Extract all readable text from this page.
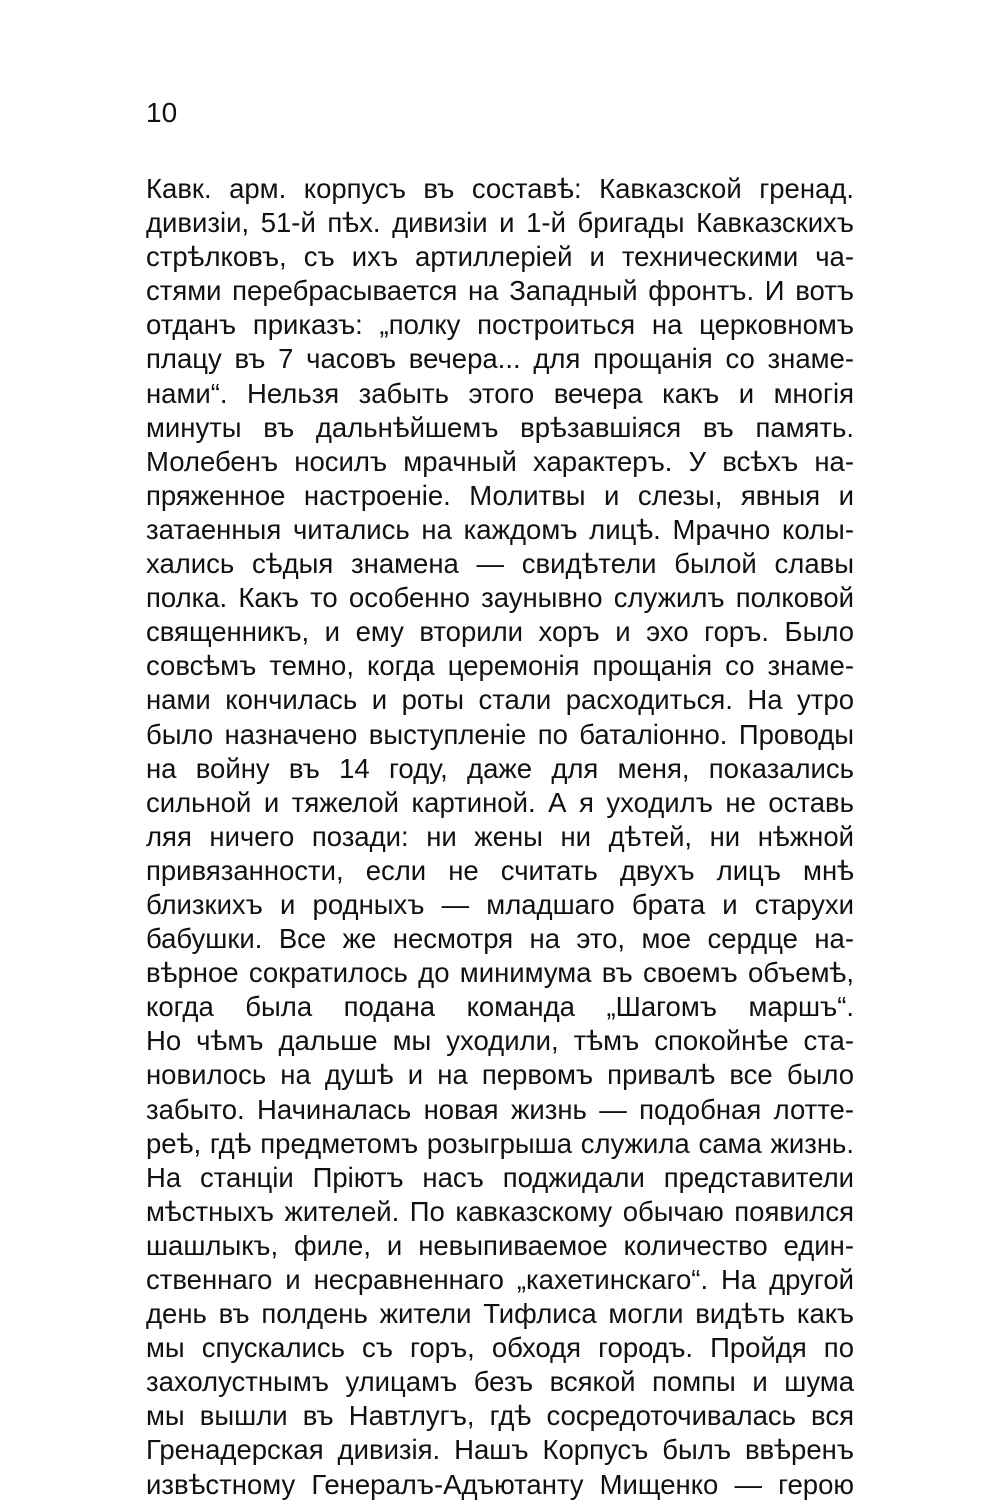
10
Кавк. арм. корпусъ въ составѣ: Кавказской гренад.
дивизіи, 51-й пѣх. дивизіи и 1-й бригады Кавказскихъ
стрѣлковъ, съ ихъ артиллеріей и техническими ча-
стями перебрасывается на Западный фронтъ. И вотъ
отданъ приказъ: „полку построиться на церковномъ
плацу въ 7 часовъ вечера... для прощанія со знаме-
нами“. Нельзя забыть этого вечера какъ и многія
минуты въ дальнѣйшемъ врѣзавшіяся въ память.
Молебенъ носилъ мрачный характеръ. У всѣхъ на-
пряженное настроеніе. Молитвы и слезы, явныя и
затаенныя читались на каждомъ лицѣ. Мрачно колы-
хались сѣдыя знамена — свидѣтели былой славы
полка. Какъ то особенно заунывно служилъ полковой
священникъ, и ему вторили хоръ и эхо горъ. Было
совсѣмъ темно, когда церемонія прощанія со знаме-
нами кончилась и роты стали расходиться. На утро
было назначено выступленіе по баталіонно. Проводы
на войну въ 14 году, даже для меня, показались
сильной и тяжелой картиной. А я уходилъ не оставь
ляя ничего позади: ни жены ни дѣтей, ни нѣжной
привязанности, если не считать двухъ лицъ мнѣ
близкихъ и родныхъ — младшаго брата и старухи
бабушки. Все же несмотря на это, мое сердце на-
вѣрное сократилось до минимума въ своемъ объемѣ,
когда была подана команда „Шагомъ маршъ“.
Но чѣмъ дальше мы уходили, тѣмъ спокойнѣе ста-
новилось на душѣ и на первомъ привалѣ все было
забыто. Начиналась новая жизнь — подобная лотте-
реѣ, гдѣ предметомъ розыгрыша служила сама жизнь.
На станціи Пріютъ насъ поджидали представители
мѣстныхъ жителей. По кавказскому обычаю появился
шашлыкъ, филе, и невыпиваемое количество един-
ственнаго и несравненнаго „кахетинскаго“. На другой
день въ полдень жители Тифлиса могли видѣть какъ
мы спускались съ горъ, обходя городъ. Пройдя по
захолустнымъ улицамъ безъ всякой помпы и шума
мы вышли въ Навтлугъ, гдѣ сосредоточивалась вся
Гренадерская дивизія. Нашъ Корпусъ былъ ввѣренъ
извѣстному Генералъ-Адъютанту Мищенко — герою
